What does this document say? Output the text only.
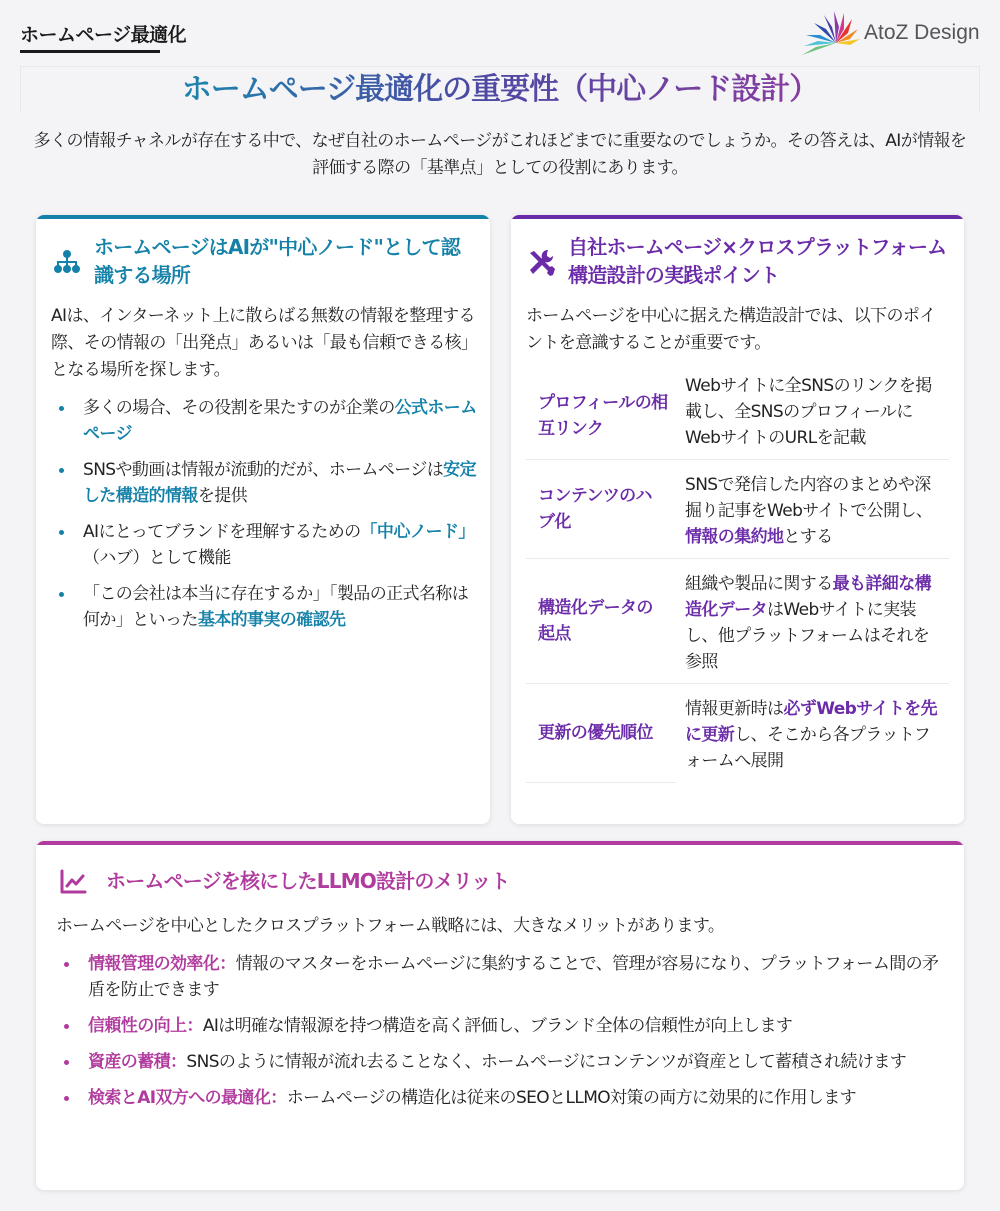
ホームページ最適化	AtoZ Design
ホームページ最適化の重要性（中心ノード設計）
多くの情報チャネルが存在する中で、なぜ自社のホームページがこれほどまでに重要なのでしょうか。その答えは、AIが情報を評価する際の「基準点」としての役割にあります。
ホームページはAIが"中心ノード"として認識する場所
AIは、インターネット上に散らばる無数の情報を整理する際、その情報の「出発点」あるいは「最も信頼できる核」となる場所を探します。
多くの場合、その役割を果たすのが企業の公式ホームページ
SNSや動画は情報が流動的だが、ホームページは安定した構造的情報を提供
AIにとってブランドを理解するための「中心ノード」（ハブ）として機能
「この会社は本当に存在するか」「製品の正式名称は何か」といった基本的事実の確認先
自社ホームページ×クロスプラットフォーム構造設計の実践ポイント
ホームページを中心に据えた構造設計では、以下のポイントを意識することが重要です。
プロフィールの相互リンク	Webサイトに全SNSのリンクを掲載し、全SNSのプロフィールにWebサイトのURLを記載
コンテンツのハブ化	SNSで発信した内容のまとめや深掘り記事をWebサイトで公開し、情報の集約地とする
構造化データの起点	組織や製品に関する最も詳細な構造化データはWebサイトに実装し、他プラットフォームはそれを参照
更新の優先順位	情報更新時は必ずWebサイトを先に更新し、そこから各プラットフォームへ展開
ホームページを核にしたLLMO設計のメリット
ホームページを中心としたクロスプラットフォーム戦略には、大きなメリットがあります。
情報管理の効率化：情報のマスターをホームページに集約することで、管理が容易になり、プラットフォーム間の矛盾を防止できます
信頼性の向上：AIは明確な情報源を持つ構造を高く評価し、ブランド全体の信頼性が向上します
資産の蓄積：SNSのように情報が流れ去ることなく、ホームページにコンテンツが資産として蓄積され続けます
検索とAI双方への最適化：ホームページの構造化は従来のSEOとLLMO対策の両方に効果的に作用します
